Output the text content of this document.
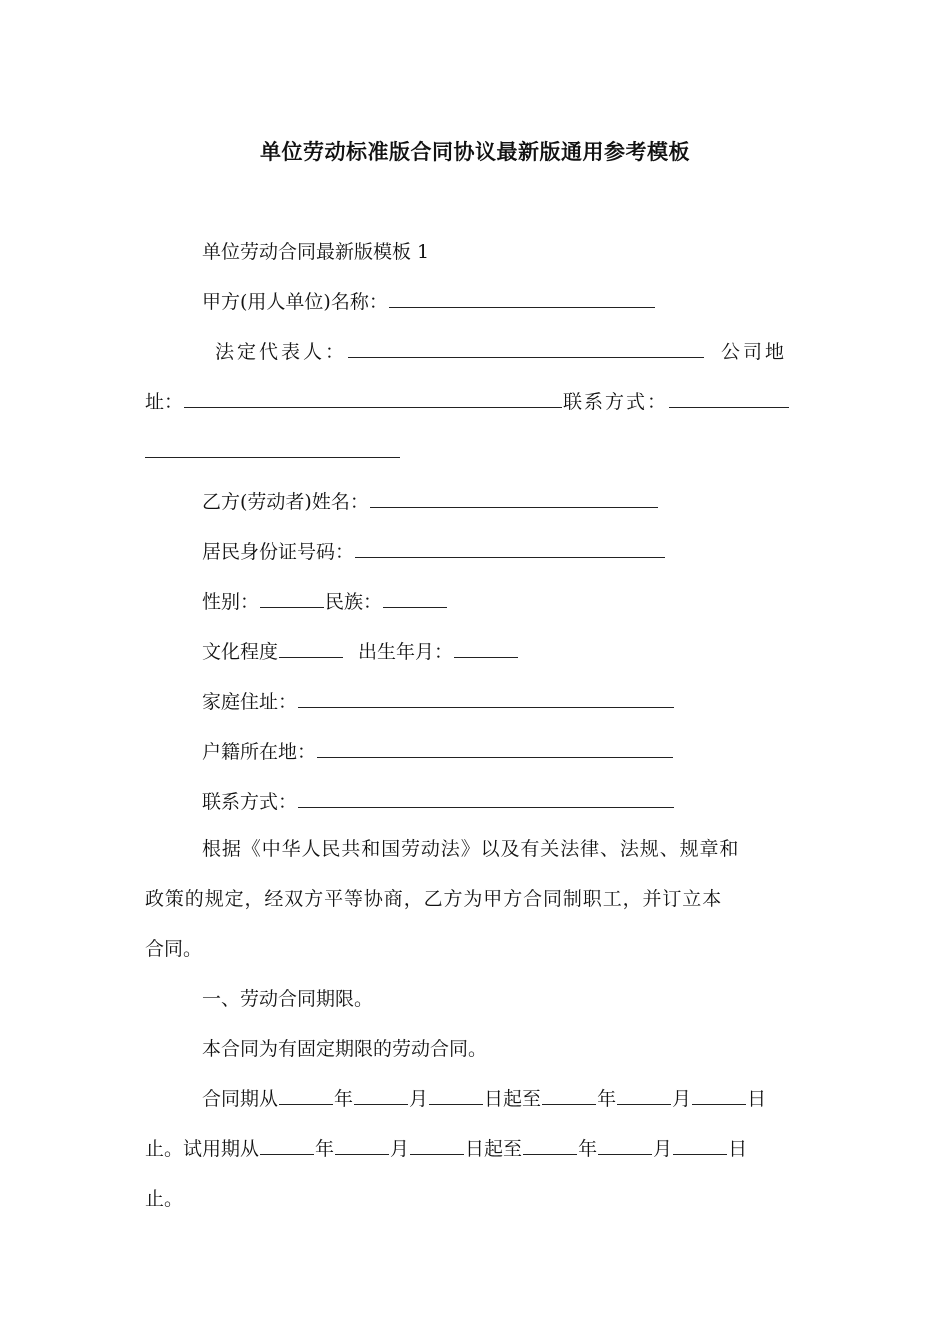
单位劳动标准版合同协议最新版通用参考模板
单位劳动合同最新版模板 1
甲方(用人单位)名称：
法定代表人：	公司地
址：	联系方式：
乙方(劳动者)姓名：
居民身份证号码：
性别：	民族：
文化程度	出生年月：
家庭住址：
户籍所在地：
联系方式：
根据《中华人民共和国劳动法》以及有关法律、法规、规章和
政策的规定，经双方平等协商，乙方为甲方合同制职工，并订立本
合同。
一、劳动合同期限。
本合同为有固定期限的劳动合同。
合同期从	年	月	日起至	年	月	日
止。试用期从	年	月	日起至	年	月	日
止。
